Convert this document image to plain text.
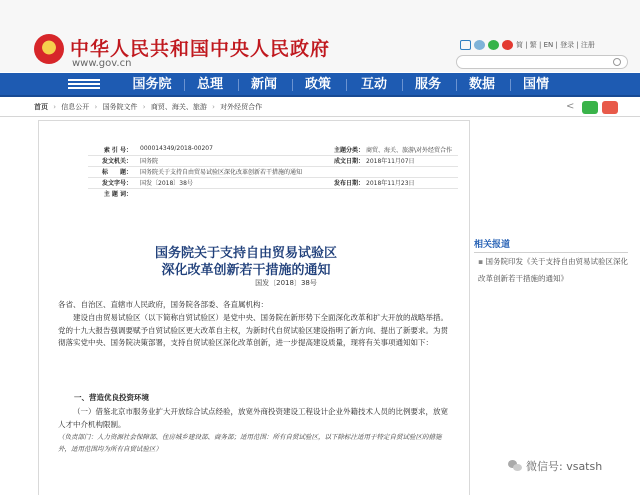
★
中华人民共和国中央人民政府
www.gov.cn
简 | 繁 | EN | 登录 | 注册
国务院	总理	新闻	政策	互动	服务	数据	国情
首页 › 信息公开 › 国务院文件 › 商贸、海关、旅游 › 对外经贸合作	<
索 引 号： 000014349/2018-00207	主题分类： 商贸、海关、旅游\对外经贸合作
发文机关： 国务院	成文日期： 2018年11月07日
标　　题： 国务院关于支持自由贸易试验区深化改革创新若干措施的通知
发文字号： 国发〔2018〕38号	发布日期： 2018年11月23日
主 题 词：
国务院关于支持自由贸易试验区
深化改革创新若干措施的通知
国发〔2018〕38号
各省、自治区、直辖市人民政府，国务院各部委、各直属机构：
建设自由贸易试验区（以下简称自贸试验区）是党中央、国务院在新形势下全面深化改革和扩大开放的战略举措。党的十九大报告强调要赋予自贸试验区更大改革自主权，为新时代自贸试验区建设指明了新方向、提出了新要求。为贯彻落实党中央、国务院决策部署，支持自贸试验区深化改革创新，进一步提高建设质量，现将有关事项通知如下：
一、营造优良投资环境
（一）借鉴北京市服务业扩大开放综合试点经验，放宽外商投资建设工程设计企业外籍技术人员的比例要求，放宽人才中介机构限制。
（负责部门：人力资源社会保障部、住房城乡建设部、商务部；适用范围：所有自贸试验区，以下除标注适用于特定自贸试验区的措施外，适用范围均为所有自贸试验区）
相关报道
▪ 国务院印发《关于支持自由贸易试验区深化改革创新若干措施的通知》
微信号: vsatsh
